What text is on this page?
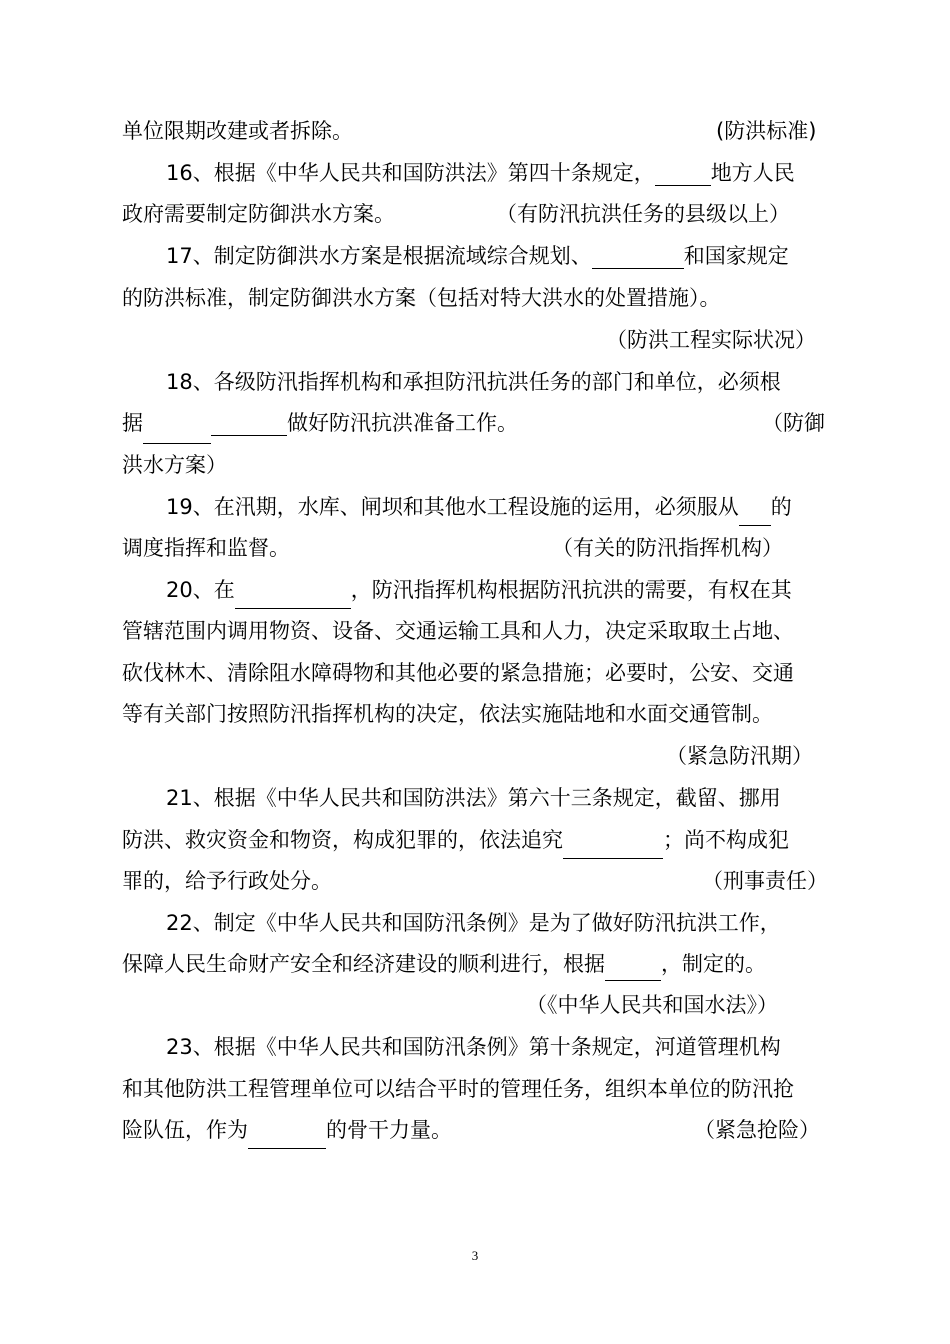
单位限期改建或者拆除。	(防洪标准)
16、根据《中华人民共和国防洪法》第四十条规定，	地方人民
政府需要制定防御洪水方案。	（有防汛抗洪任务的县级以上）
17、制定防御洪水方案是根据流域综合规划、	和国家规定
的防洪标准，制定防御洪水方案（包括对特大洪水的处置措施）。
（防洪工程实际状况）
18、各级防汛指挥机构和承担防汛抗洪任务的部门和单位，必须根
据	做好防汛抗洪准备工作。	（防御
洪水方案）
19、在汛期，水库、闸坝和其他水工程设施的运用，必须服从 的
调度指挥和监督。	（有关的防汛指挥机构）
20、在	，防汛指挥机构根据防汛抗洪的需要，有权在其
管辖范围内调用物资、设备、交通运输工具和人力，决定采取取土占地、
砍伐林木、清除阻水障碍物和其他必要的紧急措施；必要时，公安、交通
等有关部门按照防汛指挥机构的决定，依法实施陆地和水面交通管制。
（紧急防汛期）
21、根据《中华人民共和国防洪法》第六十三条规定，截留、挪用
防洪、救灾资金和物资，构成犯罪的，依法追究	；尚不构成犯
罪的，给予行政处分。	（刑事责任）
22、制定《中华人民共和国防汛条例》是为了做好防汛抗洪工作，
保障人民生命财产安全和经济建设的顺利进行，根据	，制定的。
（《中华人民共和国水法》）
23、根据《中华人民共和国防汛条例》第十条规定，河道管理机构
和其他防洪工程管理单位可以结合平时的管理任务，组织本单位的防汛抢
险队伍，作为	的骨干力量。	（紧急抢险）
3
